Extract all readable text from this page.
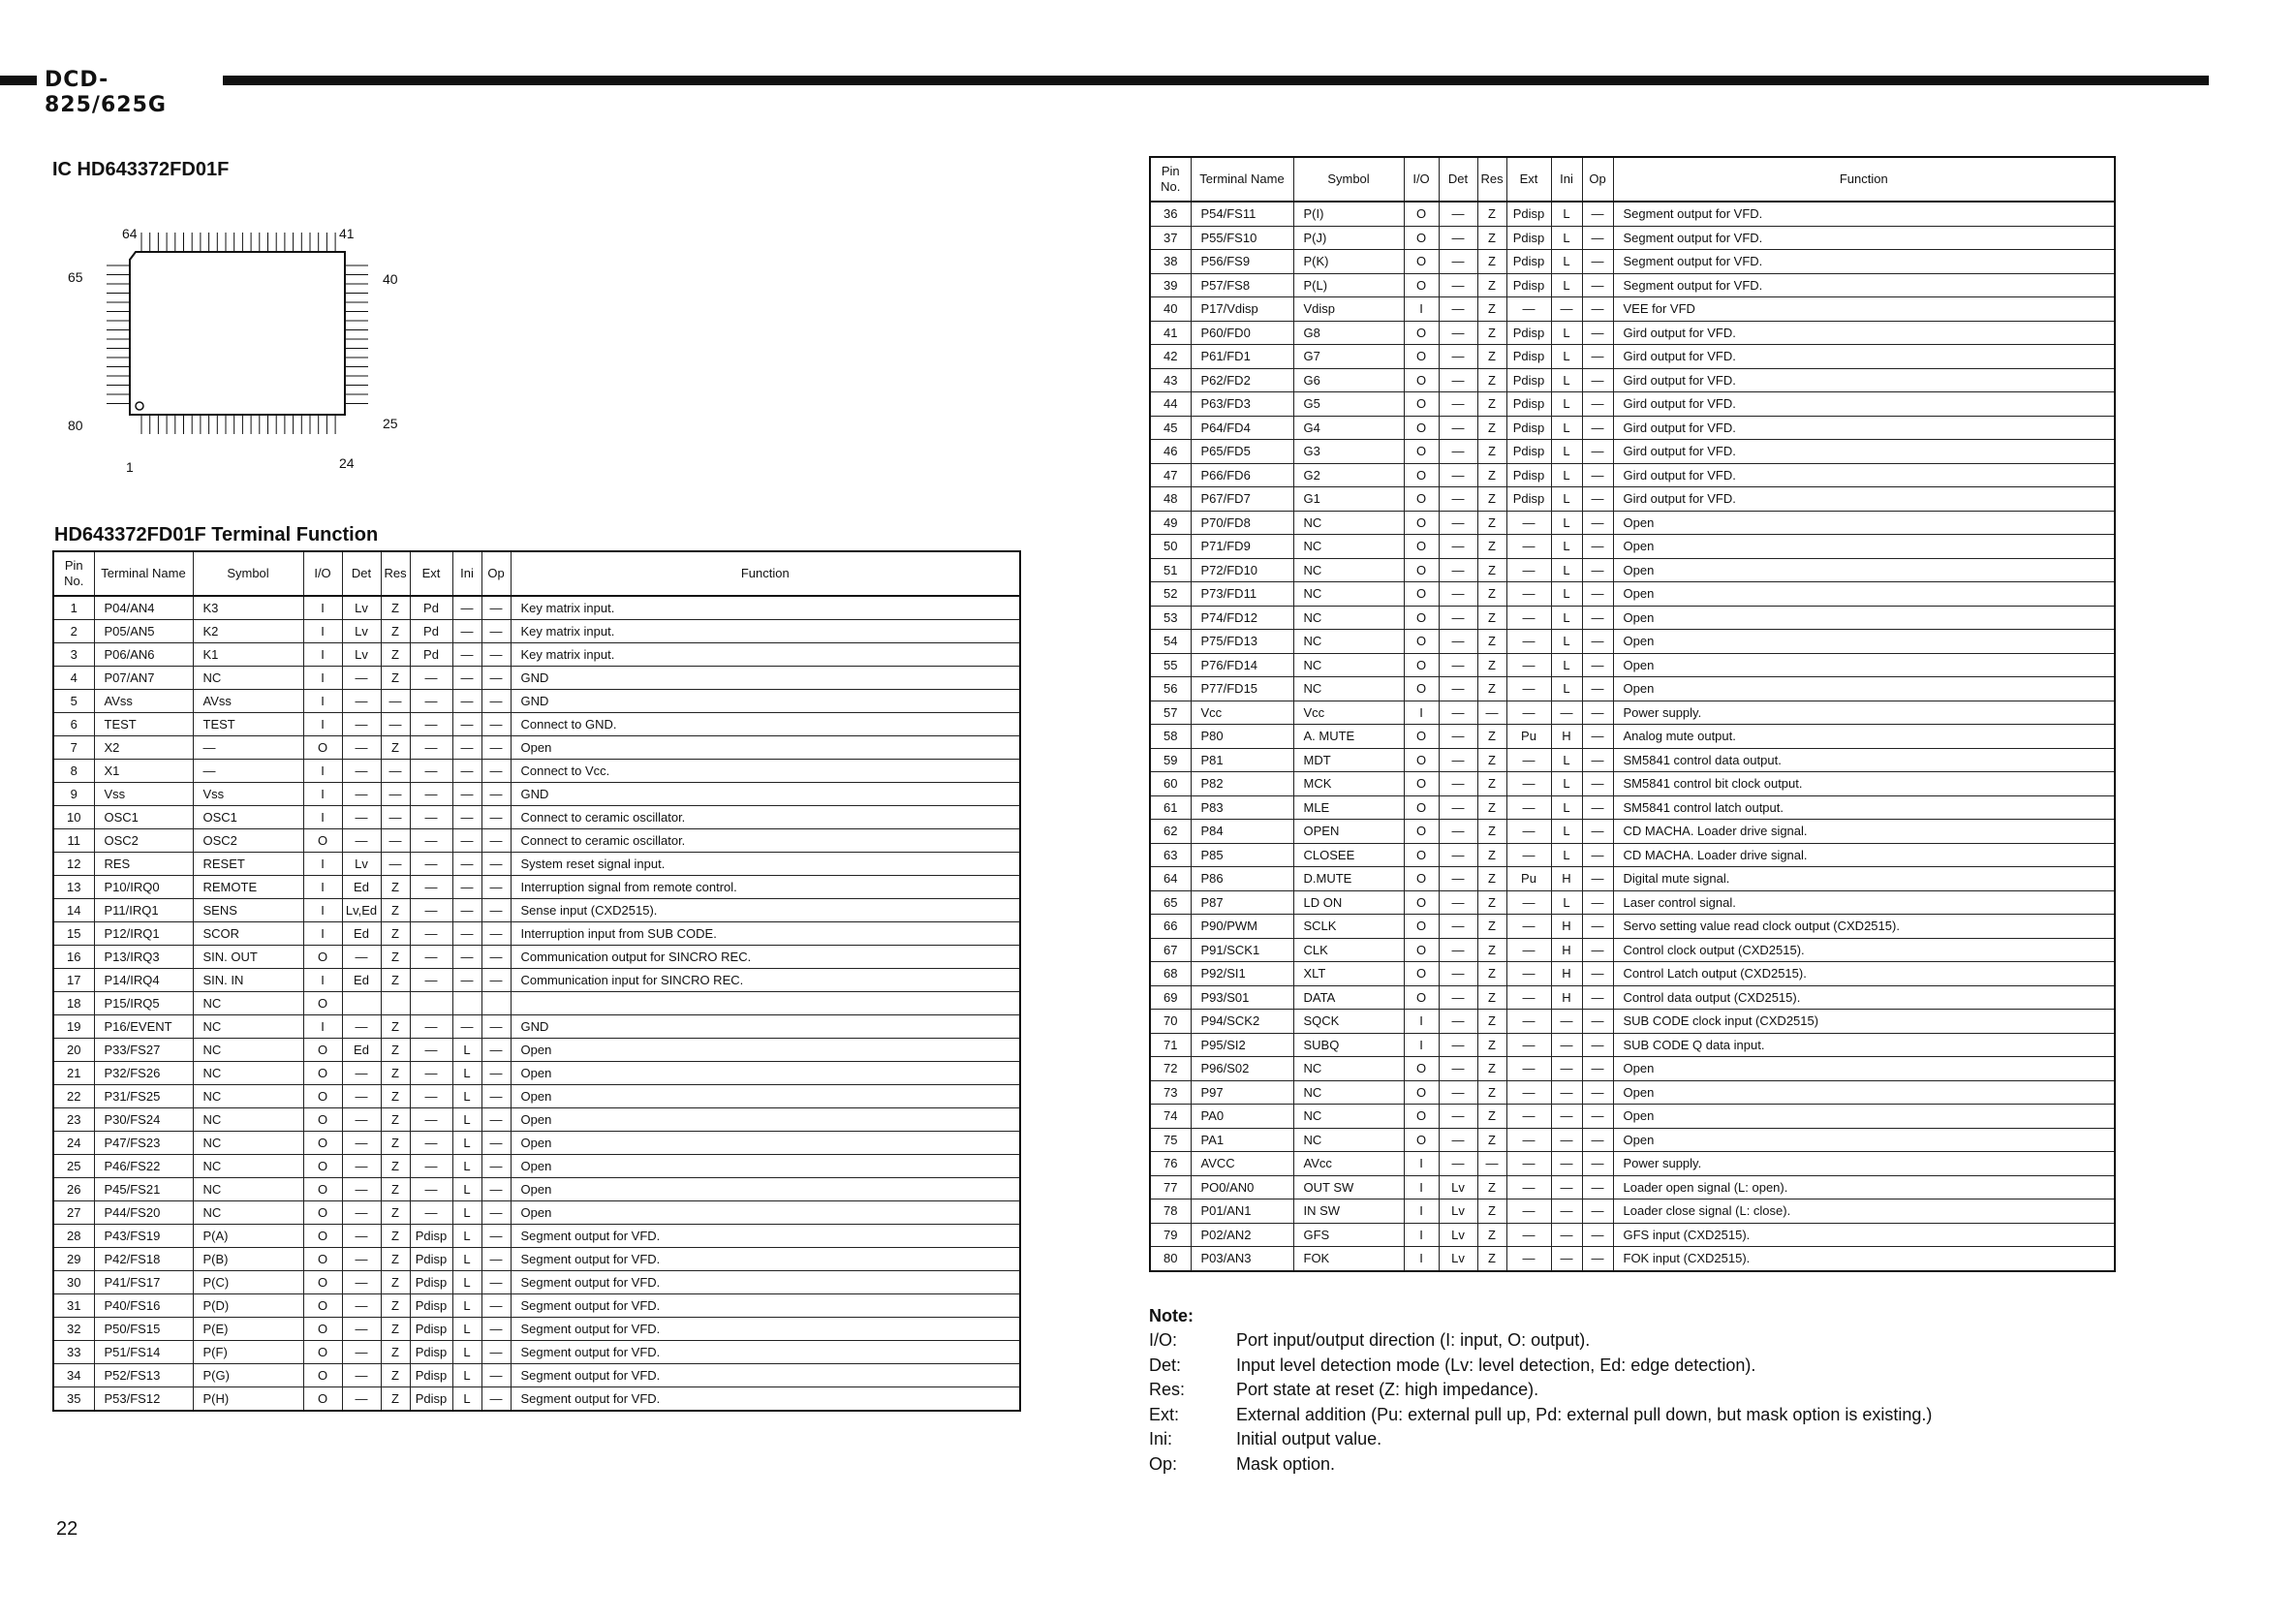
DCD-825/625G
IC HD643372FD01F
64	41
65	40
80	25
1	24
HD643372FD01F Terminal Function
Pin No.	Terminal Name	Symbol	I/O	Det	Res	Ext	Ini	Op	Function
1	P04/AN4	K3	I	Lv	Z	Pd	—	—	Key matrix input.
2	P05/AN5	K2	I	Lv	Z	Pd	—	—	Key matrix input.
3	P06/AN6	K1	I	Lv	Z	Pd	—	—	Key matrix input.
4	P07/AN7	NC	I	—	Z	—	—	—	GND
5	AVss	AVss	I	—	—	—	—	—	GND
6	TEST	TEST	I	—	—	—	—	—	Connect to GND.
7	X2	—	O	—	Z	—	—	—	Open
8	X1	—	I	—	—	—	—	—	Connect to Vcc.
9	Vss	Vss	I	—	—	—	—	—	GND
10	OSC1	OSC1	I	—	—	—	—	—	Connect to ceramic oscillator.
11	OSC2	OSC2	O	—	—	—	—	—	Connect to ceramic oscillator.
12	RES	RESET	I	Lv	—	—	—	—	System reset signal input.
13	P10/IRQ0	REMOTE	I	Ed	Z	—	—	—	Interruption signal from remote control.
14	P11/IRQ1	SENS	I	Lv,Ed	Z	—	—	—	Sense input (CXD2515).
15	P12/IRQ1	SCOR	I	Ed	Z	—	—	—	Interruption input from SUB CODE.
16	P13/IRQ3	SIN. OUT	O	—	Z	—	—	—	Communication output for SINCRO REC.
17	P14/IRQ4	SIN. IN	I	Ed	Z	—	—	—	Communication input for SINCRO REC.
18	P15/IRQ5	NC	O						
19	P16/EVENT	NC	I	—	Z	—	—	—	GND
20	P33/FS27	NC	O	Ed	Z	—	L	—	Open
21	P32/FS26	NC	O	—	Z	—	L	—	Open
22	P31/FS25	NC	O	—	Z	—	L	—	Open
23	P30/FS24	NC	O	—	Z	—	L	—	Open
24	P47/FS23	NC	O	—	Z	—	L	—	Open
25	P46/FS22	NC	O	—	Z	—	L	—	Open
26	P45/FS21	NC	O	—	Z	—	L	—	Open
27	P44/FS20	NC	O	—	Z	—	L	—	Open
28	P43/FS19	P(A)	O	—	Z	Pdisp	L	—	Segment output for VFD.
29	P42/FS18	P(B)	O	—	Z	Pdisp	L	—	Segment output for VFD.
30	P41/FS17	P(C)	O	—	Z	Pdisp	L	—	Segment output for VFD.
31	P40/FS16	P(D)	O	—	Z	Pdisp	L	—	Segment output for VFD.
32	P50/FS15	P(E)	O	—	Z	Pdisp	L	—	Segment output for VFD.
33	P51/FS14	P(F)	O	—	Z	Pdisp	L	—	Segment output for VFD.
34	P52/FS13	P(G)	O	—	Z	Pdisp	L	—	Segment output for VFD.
35	P53/FS12	P(H)	O	—	Z	Pdisp	L	—	Segment output for VFD.
Pin No.	Terminal Name	Symbol	I/O	Det	Res	Ext	Ini	Op	Function
36	P54/FS11	P(I)	O	—	Z	Pdisp	L	—	Segment output for VFD.
37	P55/FS10	P(J)	O	—	Z	Pdisp	L	—	Segment output for VFD.
38	P56/FS9	P(K)	O	—	Z	Pdisp	L	—	Segment output for VFD.
39	P57/FS8	P(L)	O	—	Z	Pdisp	L	—	Segment output for VFD.
40	P17/Vdisp	Vdisp	I	—	Z	—	—	—	VEE for VFD
41	P60/FD0	G8	O	—	Z	Pdisp	L	—	Gird output for VFD.
42	P61/FD1	G7	O	—	Z	Pdisp	L	—	Gird output for VFD.
43	P62/FD2	G6	O	—	Z	Pdisp	L	—	Gird output for VFD.
44	P63/FD3	G5	O	—	Z	Pdisp	L	—	Gird output for VFD.
45	P64/FD4	G4	O	—	Z	Pdisp	L	—	Gird output for VFD.
46	P65/FD5	G3	O	—	Z	Pdisp	L	—	Gird output for VFD.
47	P66/FD6	G2	O	—	Z	Pdisp	L	—	Gird output for VFD.
48	P67/FD7	G1	O	—	Z	Pdisp	L	—	Gird output for VFD.
49	P70/FD8	NC	O	—	Z	—	L	—	Open
50	P71/FD9	NC	O	—	Z	—	L	—	Open
51	P72/FD10	NC	O	—	Z	—	L	—	Open
52	P73/FD11	NC	O	—	Z	—	L	—	Open
53	P74/FD12	NC	O	—	Z	—	L	—	Open
54	P75/FD13	NC	O	—	Z	—	L	—	Open
55	P76/FD14	NC	O	—	Z	—	L	—	Open
56	P77/FD15	NC	O	—	Z	—	L	—	Open
57	Vcc	Vcc	I	—	—	—	—	—	Power supply.
58	P80	A. MUTE	O	—	Z	Pu	H	—	Analog mute output.
59	P81	MDT	O	—	Z	—	L	—	SM5841 control data output.
60	P82	MCK	O	—	Z	—	L	—	SM5841 control bit clock output.
61	P83	MLE	O	—	Z	—	L	—	SM5841 control latch output.
62	P84	OPEN	O	—	Z	—	L	—	CD MACHA. Loader drive signal.
63	P85	CLOSEE	O	—	Z	—	L	—	CD MACHA. Loader drive signal.
64	P86	D.MUTE	O	—	Z	Pu	H	—	Digital mute signal.
65	P87	LD ON	O	—	Z	—	L	—	Laser control signal.
66	P90/PWM	SCLK	O	—	Z	—	H	—	Servo setting value read clock output (CXD2515).
67	P91/SCK1	CLK	O	—	Z	—	H	—	Control clock output (CXD2515).
68	P92/SI1	XLT	O	—	Z	—	H	—	Control Latch output (CXD2515).
69	P93/S01	DATA	O	—	Z	—	H	—	Control data output (CXD2515).
70	P94/SCK2	SQCK	I	—	Z	—	—	—	SUB CODE clock input (CXD2515)
71	P95/SI2	SUBQ	I	—	Z	—	—	—	SUB CODE Q data input.
72	P96/S02	NC	O	—	Z	—	—	—	Open
73	P97	NC	O	—	Z	—	—	—	Open
74	PA0	NC	O	—	Z	—	—	—	Open
75	PA1	NC	O	—	Z	—	—	—	Open
76	AVCC	AVcc	I	—	—	—	—	—	Power supply.
77	PO0/AN0	OUT SW	I	Lv	Z	—	—	—	Loader open signal (L: open).
78	P01/AN1	IN SW	I	Lv	Z	—	—	—	Loader close signal (L: close).
79	P02/AN2	GFS	I	Lv	Z	—	—	—	GFS input (CXD2515).
80	P03/AN3	FOK	I	Lv	Z	—	—	—	FOK input (CXD2515).
Note:
I/O:	Port input/output direction (I: input, O: output).
Det:	Input level detection mode (Lv: level detection, Ed: edge detection).
Res:	Port state at reset (Z: high impedance).
Ext:	External addition (Pu: external pull up, Pd: external pull down, but mask option is existing.)
Ini:	Initial output value.
Op:	Mask option.
22
